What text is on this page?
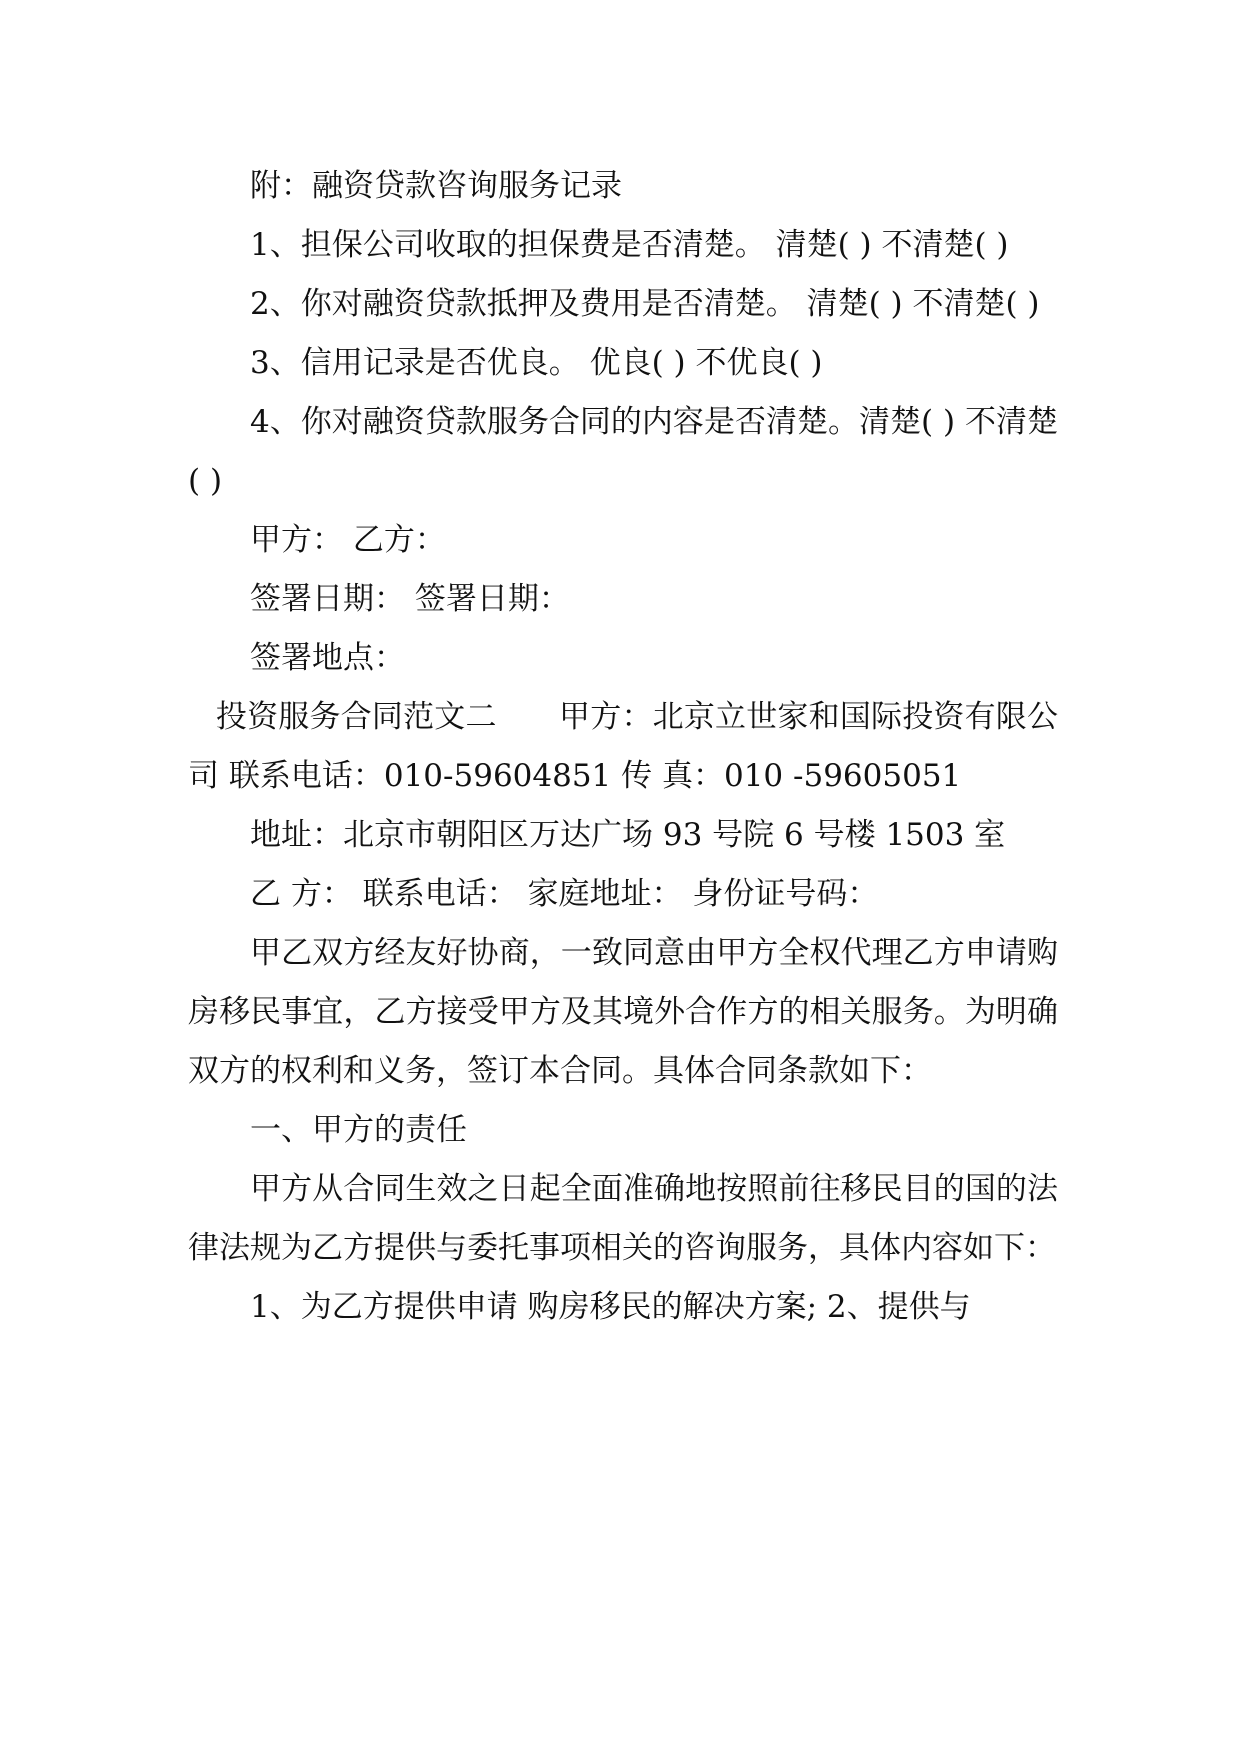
附：融资贷款咨询服务记录

1、担保公司收取的担保费是否清楚。 清楚( ) 不清楚( )

2、你对融资贷款抵押及费用是否清楚。 清楚( ) 不清楚( )

3、信用记录是否优良。 优良( ) 不优良( )

4、你对融资贷款服务合同的内容是否清楚。清楚( ) 不清楚( )

甲方： 乙方：

签署日期： 签署日期：

签署地点：

投资服务合同范文二　　甲方：北京立世家和国际投资有限公司 联系电话：010-59604851 传 真：010 -59605051

地址：北京市朝阳区万达广场 93 号院 6 号楼 1503 室

乙 方： 联系电话： 家庭地址： 身份证号码：

甲乙双方经友好协商，一致同意由甲方全权代理乙方申请购房移民事宜，乙方接受甲方及其境外合作方的相关服务。为明确双方的权利和义务，签订本合同。具体合同条款如下：

一、甲方的责任

甲方从合同生效之日起全面准确地按照前往移民目的国的法律法规为乙方提供与委托事项相关的咨询服务，具体内容如下：

1、为乙方提供申请 购房移民的解决方案; 2、提供与
